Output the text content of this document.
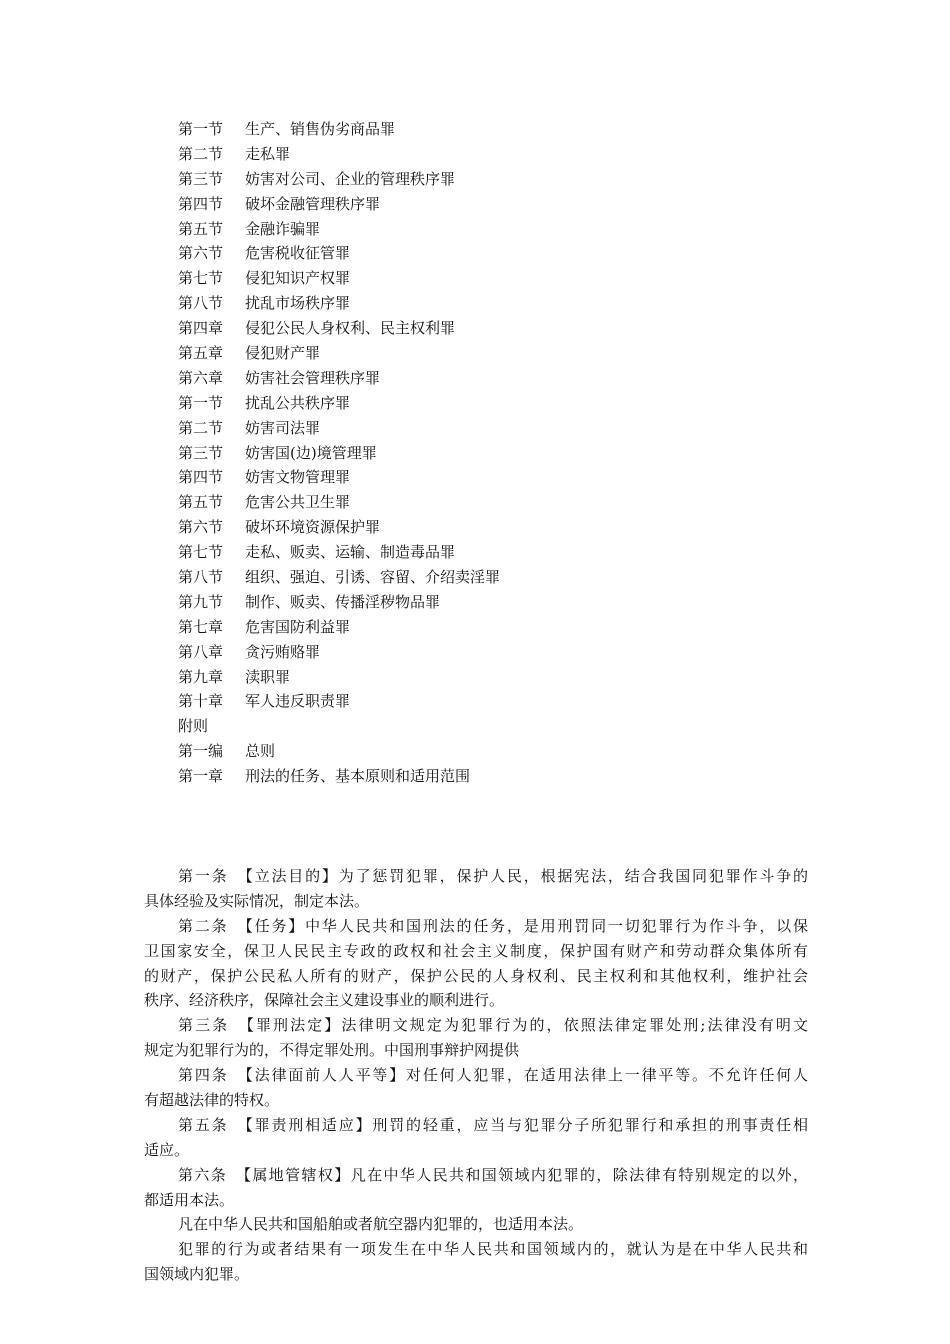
第一节 生产、销售伪劣商品罪
第二节 走私罪
第三节 妨害对公司、企业的管理秩序罪
第四节 破坏金融管理秩序罪
第五节 金融诈骗罪
第六节 危害税收征管罪
第七节 侵犯知识产权罪
第八节 扰乱市场秩序罪
第四章 侵犯公民人身权利、民主权利罪
第五章 侵犯财产罪
第六章 妨害社会管理秩序罪
第一节 扰乱公共秩序罪
第二节 妨害司法罪
第三节 妨害国(边)境管理罪
第四节 妨害文物管理罪
第五节 危害公共卫生罪
第六节 破坏环境资源保护罪
第七节 走私、贩卖、运输、制造毒品罪
第八节 组织、强迫、引诱、容留、介绍卖淫罪
第九节 制作、贩卖、传播淫秽物品罪
第七章 危害国防利益罪
第八章 贪污贿赂罪
第九章 渎职罪
第十章 军人违反职责罪
附则
第一编 总则
第一章 刑法的任务、基本原则和适用范围
第一条　【立法目的】为了惩罚犯罪，保护人民，根据宪法，结合我国同犯罪作斗争的
具体经验及实际情况，制定本法。
第二条　【任务】中华人民共和国刑法的任务，是用刑罚同一切犯罪行为作斗争，以保
卫国家安全，保卫人民民主专政的政权和社会主义制度，保护国有财产和劳动群众集体所有
的财产，保护公民私人所有的财产，保护公民的人身权利、民主权利和其他权利，维护社会
秩序、经济秩序，保障社会主义建设事业的顺利进行。
第三条　【罪刑法定】法律明文规定为犯罪行为的，依照法律定罪处刑;法律没有明文
规定为犯罪行为的，不得定罪处刑。中国刑事辩护网提供
第四条　【法律面前人人平等】对任何人犯罪，在适用法律上一律平等。不允许任何人
有超越法律的特权。
第五条　【罪责刑相适应】刑罚的轻重，应当与犯罪分子所犯罪行和承担的刑事责任相
适应。
第六条　【属地管辖权】凡在中华人民共和国领域内犯罪的，除法律有特别规定的以外，
都适用本法。
凡在中华人民共和国船舶或者航空器内犯罪的，也适用本法。
犯罪的行为或者结果有一项发生在中华人民共和国领域内的，就认为是在中华人民共和
国领域内犯罪。
